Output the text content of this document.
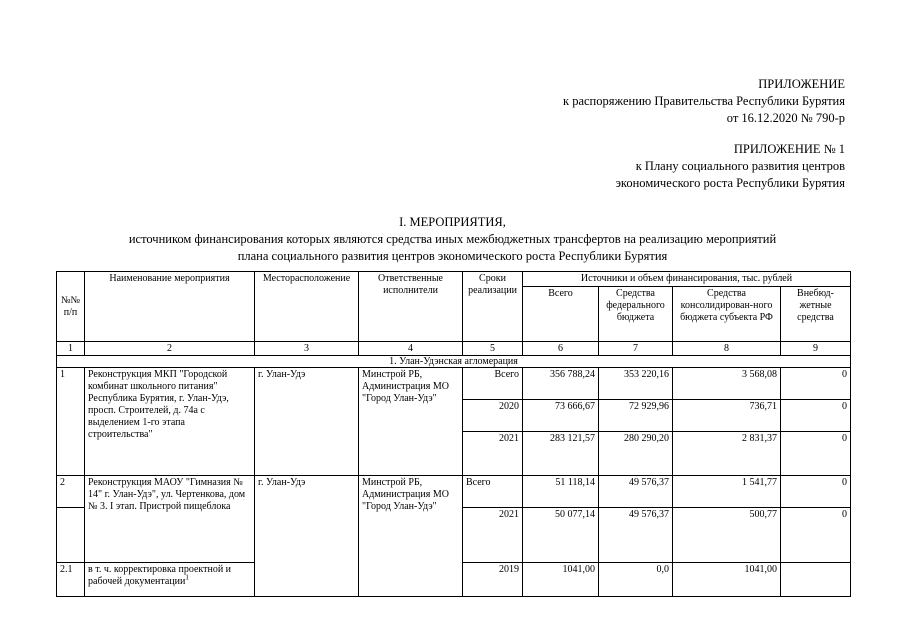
ПРИЛОЖЕНИЕ
к распоряжению Правительства Республики Бурятия
от 16.12.2020 № 790-р
ПРИЛОЖЕНИЕ № 1
к Плану социального развития центров
экономического роста Республики Бурятия
I. МЕРОПРИЯТИЯ,
источником финансирования которых являются средства иных межбюджетных трансфертов на реализацию мероприятий
плана социального развития центров экономического роста Республики Бурятия
№№ п/п	Наименование мероприятия	Месторасположение	Ответственные исполнители	Сроки реализации	Источники и объем финансирования, тыс. рублей			
					Всего	Средства федерального бюджета	Средства консолидирован-ного бюджета субъекта РФ	Внебюд-жетные средства
1	2	3	4	5	6	7	8	9
1. Улан-Удэнская агломерация								
1	Реконструкция МКП "Городской комбинат школьного питания" Республика Бурятия, г. Улан-Удэ, просп. Строителей, д. 74а с выделением 1-го этапа строительства"	г. Улан-Удэ	Минстрой РБ, Администрация МО "Город Улан-Удэ"	Всего	356 788,24	353 220,16	3 568,08	0
				2020	73 666,67	72 929,96	736,71	0
				2021	283 121,57	280 290,20	2 831,37	0
2	Реконструкция МАОУ "Гимназия № 14" г. Улан-Удэ", ул. Чертенкова, дом № 3. I этап. Пристрой пищеблока	г. Улан-Удэ	Минстрой РБ, Администрация МО "Город Улан-Удэ"	Всего	51 118,14	49 576,37	1 541,77	0
				2021	50 077,14	49 576,37	500,77	0
2.1	в т. ч. корректировка проектной и рабочей документации$^1$			2019	1041,00	0,0	1041,00	
